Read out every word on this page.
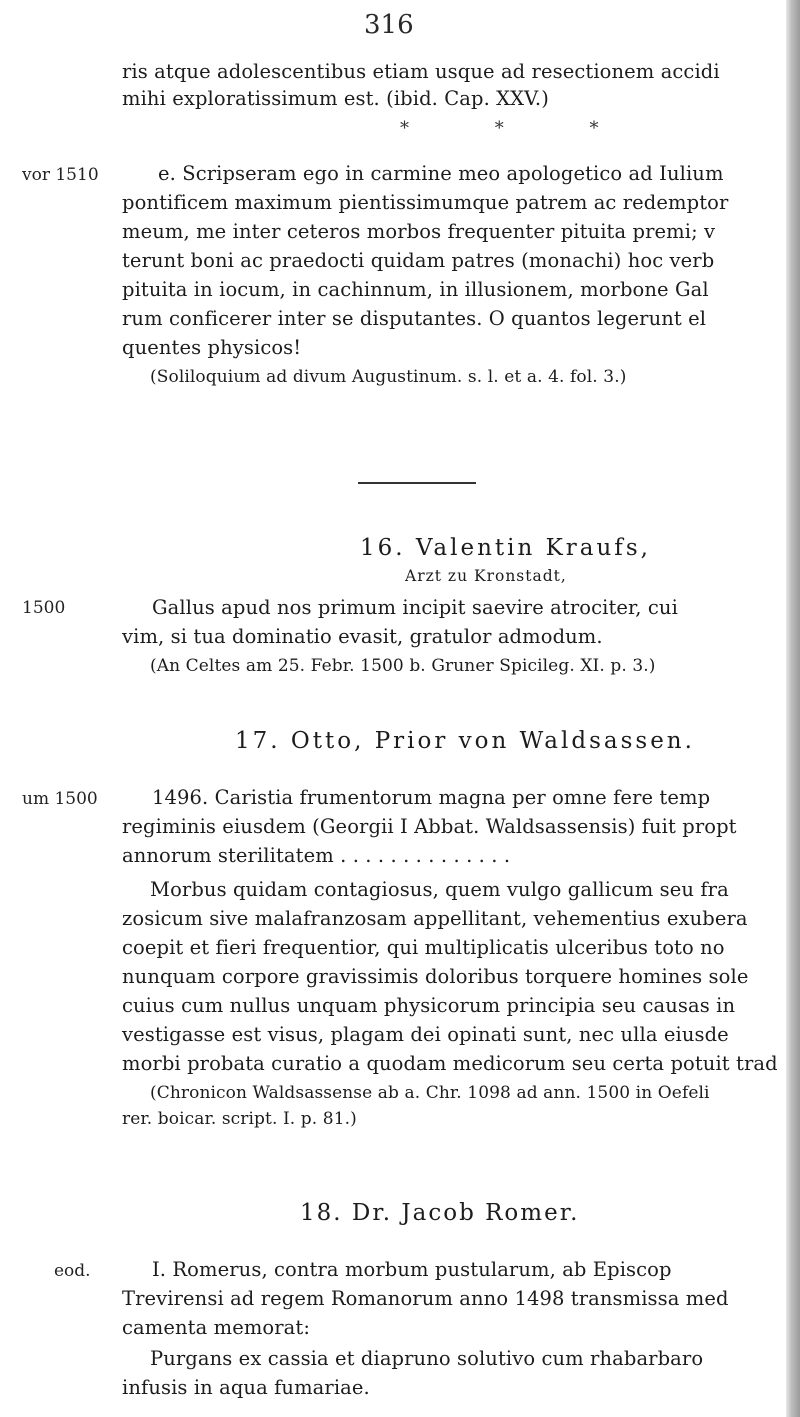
316
ris atque adolescentibus etiam usque ad resectionem accidi
mihi exploratissimum est. (ibid. Cap. XXV.)
* * *
vor 1510	e. Scripseram ego in carmine meo apologetico ad Iulium
pontificem maximum pientissimumque patrem ac redemptor
meum, me inter ceteros morbos frequenter pituita premi; v
terunt boni ac praedocti quidam patres (monachi) hoc verb
pituita in iocum, in cachinnum, in illusionem, morbone Gal
rum conficerer inter se disputantes. O quantos legerunt el
quentes physicos!
(Soliloquium ad divum Augustinum. s. l. et a. 4. fol. 3.)
16. Valentin Kraufs,
Arzt zu Kronstadt,
1500	Gallus apud nos primum incipit saevire atrociter, cui
vim, si tua dominatio evasit, gratulor admodum.
(An Celtes am 25. Febr. 1500 b. Gruner Spicileg. XI. p. 3.)
17. Otto, Prior von Waldsassen.
um 1500	1496. Caristia frumentorum magna per omne fere temp
regiminis eiusdem (Georgii I Abbat. Waldsassensis) fuit propt
annorum sterilitatem . . . . . . . . . . . . . .
Morbus quidam contagiosus, quem vulgo gallicum seu fra
zosicum sive malafranzosam appellitant, vehementius exubera
coepit et fieri frequentior, qui multiplicatis ulceribus toto no
nunquam corpore gravissimis doloribus torquere homines sole
cuius cum nullus unquam physicorum principia seu causas in
vestigasse est visus, plagam dei opinati sunt, nec ulla eiusde
morbi probata curatio a quodam medicorum seu certa potuit trad
(Chronicon Waldsassense ab a. Chr. 1098 ad ann. 1500 in Oefeli
rer. boicar. script. I. p. 81.)
18. Dr. Jacob Romer.
eod.	I. Romerus, contra morbum pustularum, ab Episcop
Trevirensi ad regem Romanorum anno 1498 transmissa med
camenta memorat:
Purgans ex cassia et diapruno solutivo cum rhabarbaro
infusis in aqua fumariae.
